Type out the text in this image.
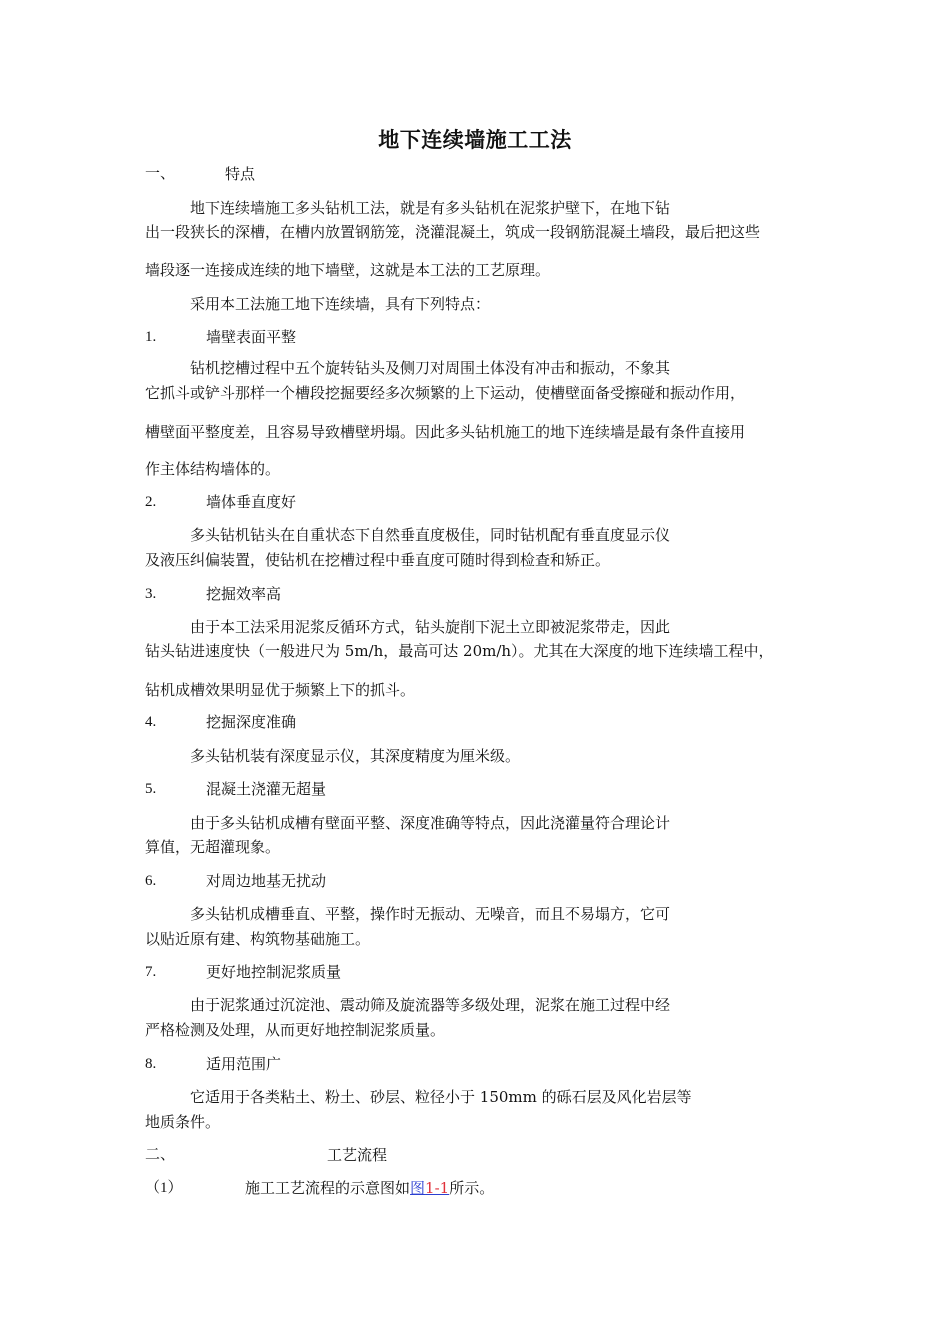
地下连续墙施工工法
一、	特点
地下连续墙施工多头钻机工法，就是有多头钻机在泥浆护壁下，在地下钻
出一段狭长的深槽，在槽内放置钢筋笼，浇灌混凝土，筑成一段钢筋混凝土墙段，最后把这些
墙段逐一连接成连续的地下墙壁，这就是本工法的工艺原理。
采用本工法施工地下连续墙，具有下列特点：
1.	墙壁表面平整
钻机挖槽过程中五个旋转钻头及侧刀对周围土体没有冲击和振动，不象其
它抓斗或铲斗那样一个槽段挖掘要经多次频繁的上下运动，使槽壁面备受擦碰和振动作用，
槽壁面平整度差，且容易导致槽壁坍塌。因此多头钻机施工的地下连续墙是最有条件直接用
作主体结构墙体的。
2.	墙体垂直度好
多头钻机钻头在自重状态下自然垂直度极佳，同时钻机配有垂直度显示仪
及液压纠偏装置，使钻机在挖槽过程中垂直度可随时得到检查和矫正。
3.	挖掘效率高
由于本工法采用泥浆反循环方式，钻头旋削下泥土立即被泥浆带走，因此
钻头钻进速度快（一般进尺为 5m/h，最高可达 20m/h）。尤其在大深度的地下连续墙工程中，
钻机成槽效果明显优于频繁上下的抓斗。
4.	挖掘深度准确
多头钻机装有深度显示仪，其深度精度为厘米级。
5.	混凝土浇灌无超量
由于多头钻机成槽有壁面平整、深度准确等特点，因此浇灌量符合理论计
算值，无超灌现象。
6.	对周边地基无扰动
多头钻机成槽垂直、平整，操作时无振动、无噪音，而且不易塌方，它可
以贴近原有建、构筑物基础施工。
7.	更好地控制泥浆质量
由于泥浆通过沉淀池、震动筛及旋流器等多级处理，泥浆在施工过程中经
严格检测及处理，从而更好地控制泥浆质量。
8.	适用范围广
它适用于各类粘土、粉土、砂层、粒径小于 150mm 的砾石层及风化岩层等
地质条件。
二、	工艺流程
（1）	施工工艺流程的示意图如图1-1所示。
